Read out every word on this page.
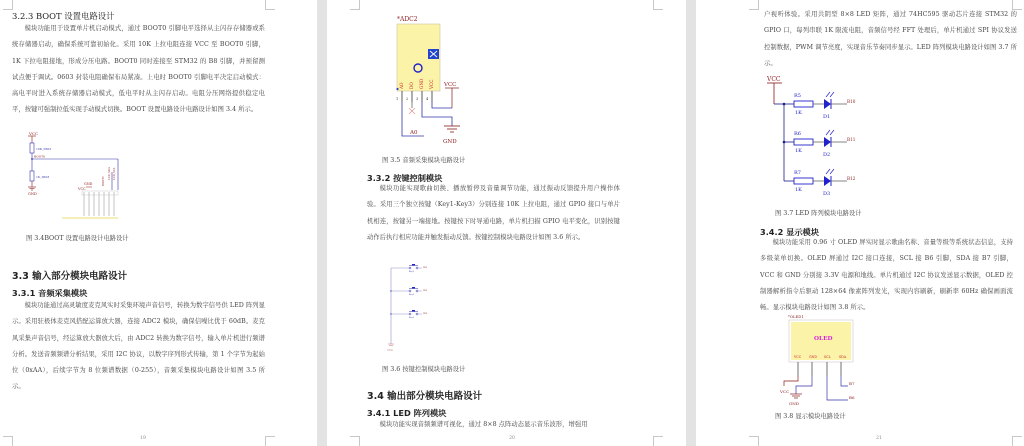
3.2.3 BOOT 设置电路设计
模块功能用于设置单片机启动模式，通过 BOOT0 引脚电平选择从主闪存存储器或系统存储器启动，确保系统可靠初始化。采用 10K 上拉电阻连接 VCC 至 BOOT0 引脚，1K 下拉电阻接地，形成分压电路。BOOT0 同时连接至 STM32 的 B8 引脚，并预留测试点便于调试。0603 封装电阻确保布局紧凑。上电时 BOOT0 引脚电平决定启动模式：高电平时进入系统存储器启动模式，低电平时从主闪存启动。电阻分压网络提供稳定电平，按键可强制拉低实现手动模式切换。BOOT 设置电路设计电路设计如图 3.4 所示。
VCC
10K_0603
BOOT0
1K_0603
GND
GND
VCC
BOOT0
LCD_SDA LCD_SCL
图 3.4BOOT 设置电路设计电路设计
3.3 输入部分模块电路设计
3.3.1 音频采集模块
模块功能通过高灵敏度麦克风实时采集环境声音信号，转换为数字信号供 LED 阵列显示。采用驻极体麦克风搭配运算放大器，连接 ADC2 模块，确保信噪比优于 60dB。麦克风采集声音信号，经运算放大器放大后，由 ADC2 转换为数字信号，输入单片机进行频谱分析。发送音频频谱分析结果，采用 I2C 协议，以数字序列形式传输，第 1 个字节为起始位（0xAA），后续字节为 8 位频谱数据（0-255），音频采集模块电路设计如图 3.5 所示。
19
*ADC2
AO DO GND VCC
1 2 3 4
VCC
GND
A0
图 3.5 音频采集模块电路设计
3.3.2 按键控制模块
模块功能实现歌曲切换、播放暂停及音量调节功能，通过振动反馈提升用户操作体验。采用三个独立按键（Key1-Key3）分别连接 10K 上拉电阻，通过 GPIO 接口与单片机相连，按键另一端接地。按键按下时导通电路，单片机扫描 GPIO 电平变化，识别按键动作后执行相应功能并触发振动反馈。按键控制模块电路设计如图 3.6 所示。
PB3
Key1
PB3
Key2
PB4
Key3
GND
图 3.6 按键控制模块电路设计
3.4 输出部分模块电路设计
3.4.1 LED 阵列模块
模块功能实现音频频谱可视化，通过 8×8 点阵动态显示音乐波形，增强用
20
户视听体验。采用共阴型 8×8 LED 矩阵，通过 74HC595 驱动芯片连接 STM32 的 GPIO 口，每列串联 1K 限流电阻，音频信号经 FFT 处理后，单片机通过 SPI 协议发送控制数据，PWM 调节亮度，实现音乐节奏同步显示。LED 阵列模块电路设计如图 3.7 所示。
VCC
R5
1K
D1
B10
R6
1K
D2
B11
R7
1K
D3
B12
图 3.7 LED 阵列模块电路设计
3.4.2 显示模块
模块功能采用 0.96 寸 OLED 屏实时显示歌曲名称、音量等级等系统状态信息，支持多级菜单切换。OLED 屏通过 I2C 接口连接，SCL 接 B6 引脚，SDA 接 B7 引脚，VCC 和 GND 分别接 3.3V 电源和地线。单片机通过 I2C 协议发送显示数据，OLED 控制器解析指令后驱动 128×64 像素阵列发光，实现内容刷新，刷新率 60Hz 确保画面流畅。显示模块电路设计如图 3.8 所示。
*OLED1
OLED
VCC GND SCL	SDA
VCC
GND
B7
B6
图 3.8 显示模块电路设计
21
